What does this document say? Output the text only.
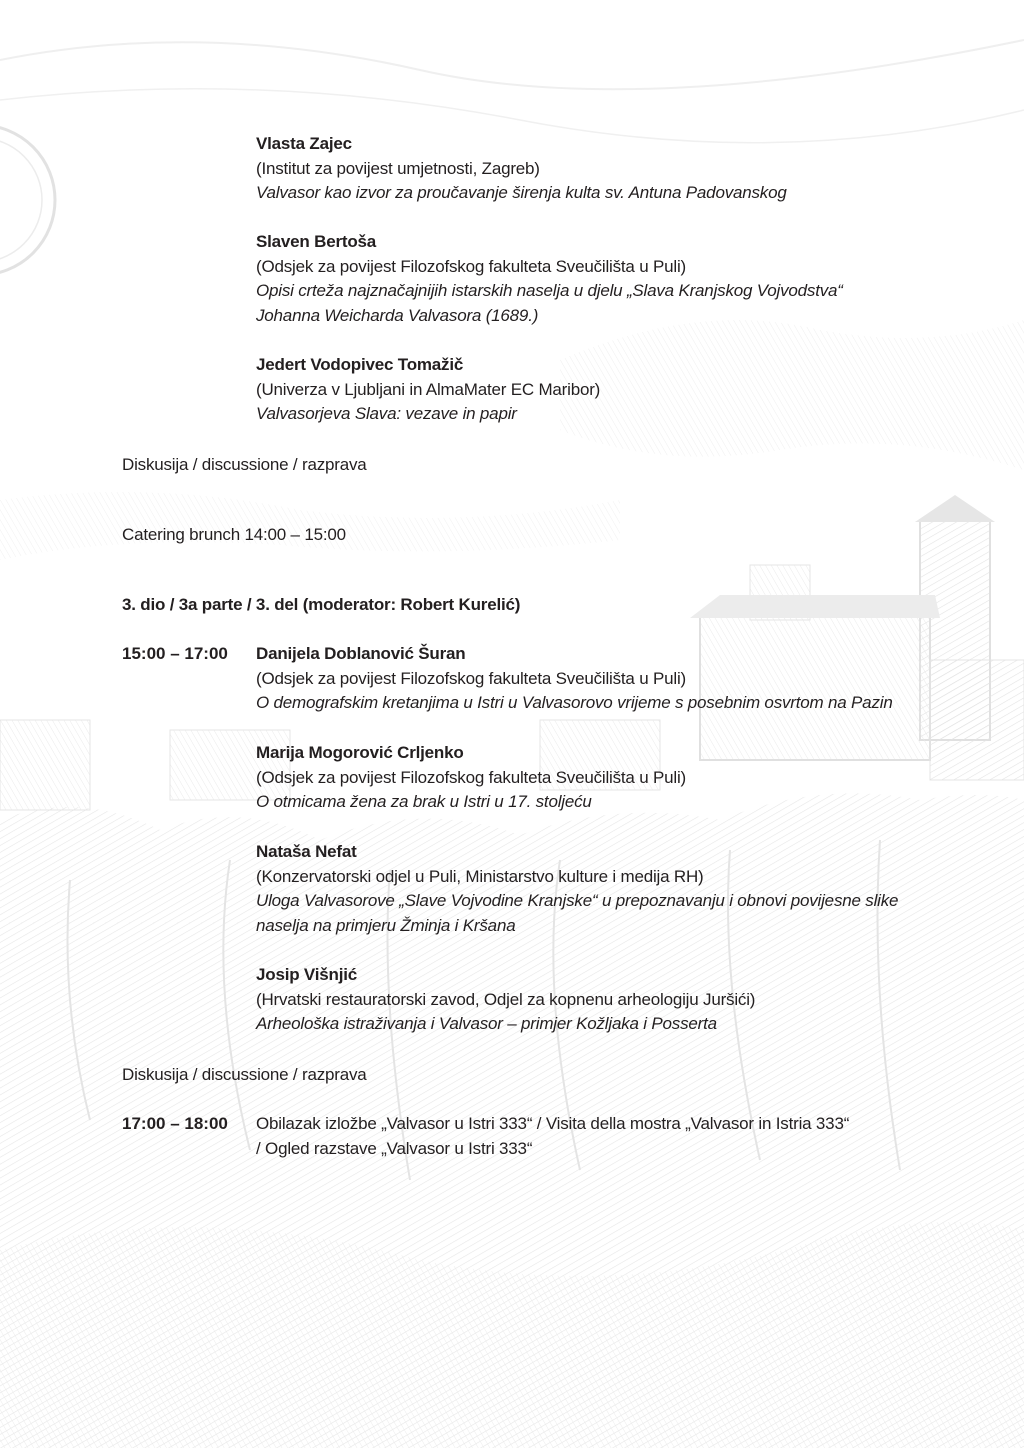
Vlasta Zajec
(Institut za povijest umjetnosti, Zagreb)
Valvasor kao izvor za proučavanje širenja kulta sv. Antuna Padovanskog
Slaven Bertoša
(Odsjek za povijest Filozofskog fakulteta Sveučilišta u Puli)
Opisi crteža najznačajnijih istarskih naselja u djelu „Slava Kranjskog Vojvodstva“
Johanna Weicharda Valvasora (1689.)
Jedert Vodopivec Tomažič
(Univerza v Ljubljani in AlmaMater EC Maribor)
Valvasorjeva Slava: vezave in papir
Diskusija / discussione / razprava
Catering brunch 14:00 – 15:00
3. dio / 3a parte / 3. del (moderator: Robert Kurelić)
15:00 – 17:00 Danijela Doblanović Šuran
(Odsjek za povijest Filozofskog fakulteta Sveučilišta u Puli)
O demografskim kretanjima u Istri u Valvasorovo vrijeme s posebnim osvrtom na Pazin
Marija Mogorović Crljenko
(Odsjek za povijest Filozofskog fakulteta Sveučilišta u Puli)
O otmicama žena za brak u Istri u 17. stoljeću
Nataša Nefat
(Konzervatorski odjel u Puli, Ministarstvo kulture i medija RH)
Uloga Valvasorove „Slave Vojvodine Kranjske“ u prepoznavanju i obnovi povijesne slike
naselja na primjeru Žminja i Kršana
Josip Višnjić
(Hrvatski restauratorski zavod, Odjel za kopnenu arheologiju Juršići)
Arheološka istraživanja i Valvasor – primjer Kožljaka i Posserta
Diskusija / discussione / razprava
17:00 – 18:00 Obilazak izložbe „Valvasor u Istri 333“ / Visita della mostra „Valvasor in Istria 333“
/ Ogled razstave „Valvasor u Istri 333“
